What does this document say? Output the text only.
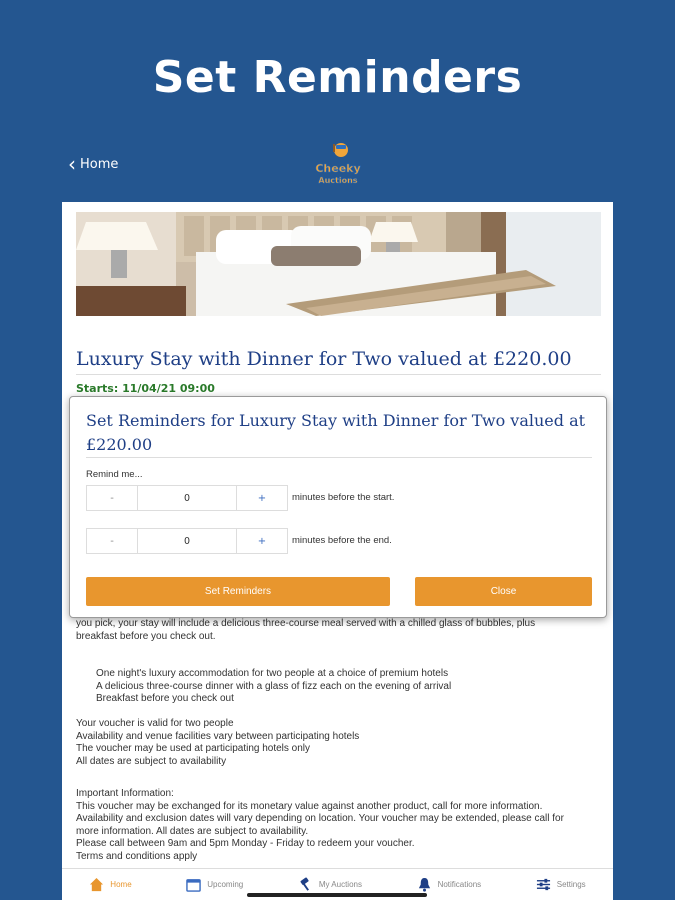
Set Reminders
‹ Home	Cheeky
Auctions
Luxury Stay with Dinner for Two valued at £220.00
Starts: 11/04/21 09:00
you pick, your stay will include a delicious three-course meal served with a chilled glass of bubbles, plus
breakfast before you check out.
One night's luxury accommodation for two people at a choice of premium hotels
A delicious three-course dinner with a glass of fizz each on the evening of arrival
Breakfast before you check out
Your voucher is valid for two people
Availability and venue facilities vary between participating hotels
The voucher may be used at participating hotels only
All dates are subject to availability
Important Information:
This voucher may be exchanged for its monetary value against another product, call for more information.
Availability and exclusion dates will vary depending on location. Your voucher may be extended, please call for
more information. All dates are subject to availability.
Please call between 9am and 5pm Monday - Friday to redeem your voucher.
Terms and conditions apply
Home	Upcoming	My Auctions	Notifications	Settings
Set Reminders for Luxury Stay with Dinner for Two valued at £220.00
Remind me...
-	0	+	minutes before the start.
-	0	+	minutes before the end.
Set Reminders	Close
